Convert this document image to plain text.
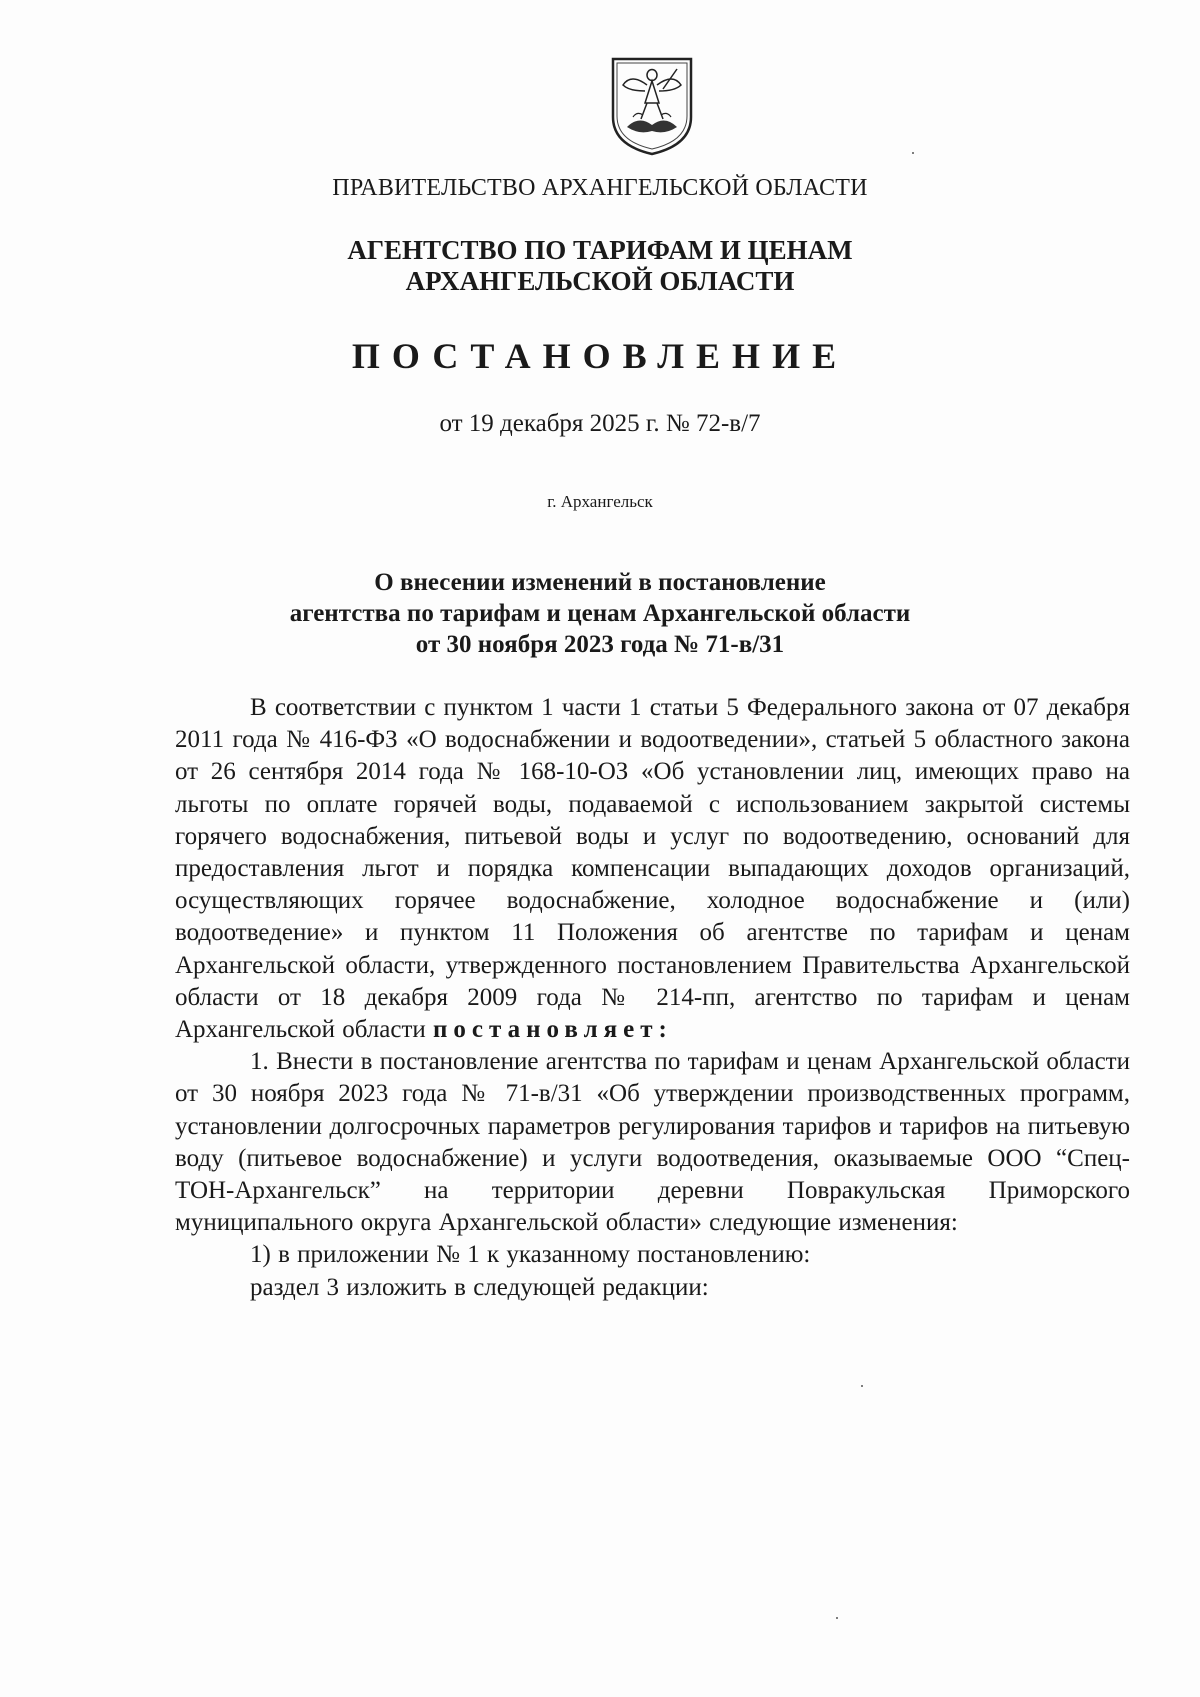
ПРАВИТЕЛЬСТВО АРХАНГЕЛЬСКОЙ ОБЛАСТИ
АГЕНТСТВО ПО ТАРИФАМ И ЦЕНАМ
АРХАНГЕЛЬСКОЙ ОБЛАСТИ
ПОСТАНОВЛЕНИЕ
от 19 декабря 2025 г. № 72-в/7
г. Архангельск
О внесении изменений в постановление
агентства по тарифам и ценам Архангельской области
от 30 ноября 2023 года № 71-в/31

В соответствии с пунктом 1 части 1 статьи 5 Федерального закона от 07 декабря 2011 года № 416-ФЗ «О водоснабжении и водоотведении», статьей 5 областного закона от 26 сентября 2014 года № 168-10-ОЗ «Об установлении лиц, имеющих право на льготы по оплате горячей воды, подаваемой с использованием закрытой системы горячего водоснабжения, питьевой воды и услуг по водоотведению, оснований для предоставления льгот и порядка компенсации выпадающих доходов организаций, осуществляющих горячее водоснабжение, холодное водоснабжение и (или) водоотведение» и пунктом 11 Положения об агентстве по тарифам и ценам Архангельской области, утвержденного постановлением Правительства Архангельской области от 18 декабря 2009 года № 214-пп, агентство по тарифам и ценам Архангельской области постановляет:

1. Внести в постановление агентства по тарифам и ценам Архангельской области от 30 ноября 2023 года № 71-в/31 «Об утверждении производственных программ, установлении долгосрочных параметров регулирования тарифов и тарифов на питьевую воду (питьевое водоснабжение) и услуги водоотведения, оказываемые ООО “Спец-ТОН-Архангельск” на территории деревни Повракульская Приморского муниципального округа Архангельской области» следующие изменения:

1) в приложении № 1 к указанному постановлению:

раздел 3 изложить в следующей редакции:
